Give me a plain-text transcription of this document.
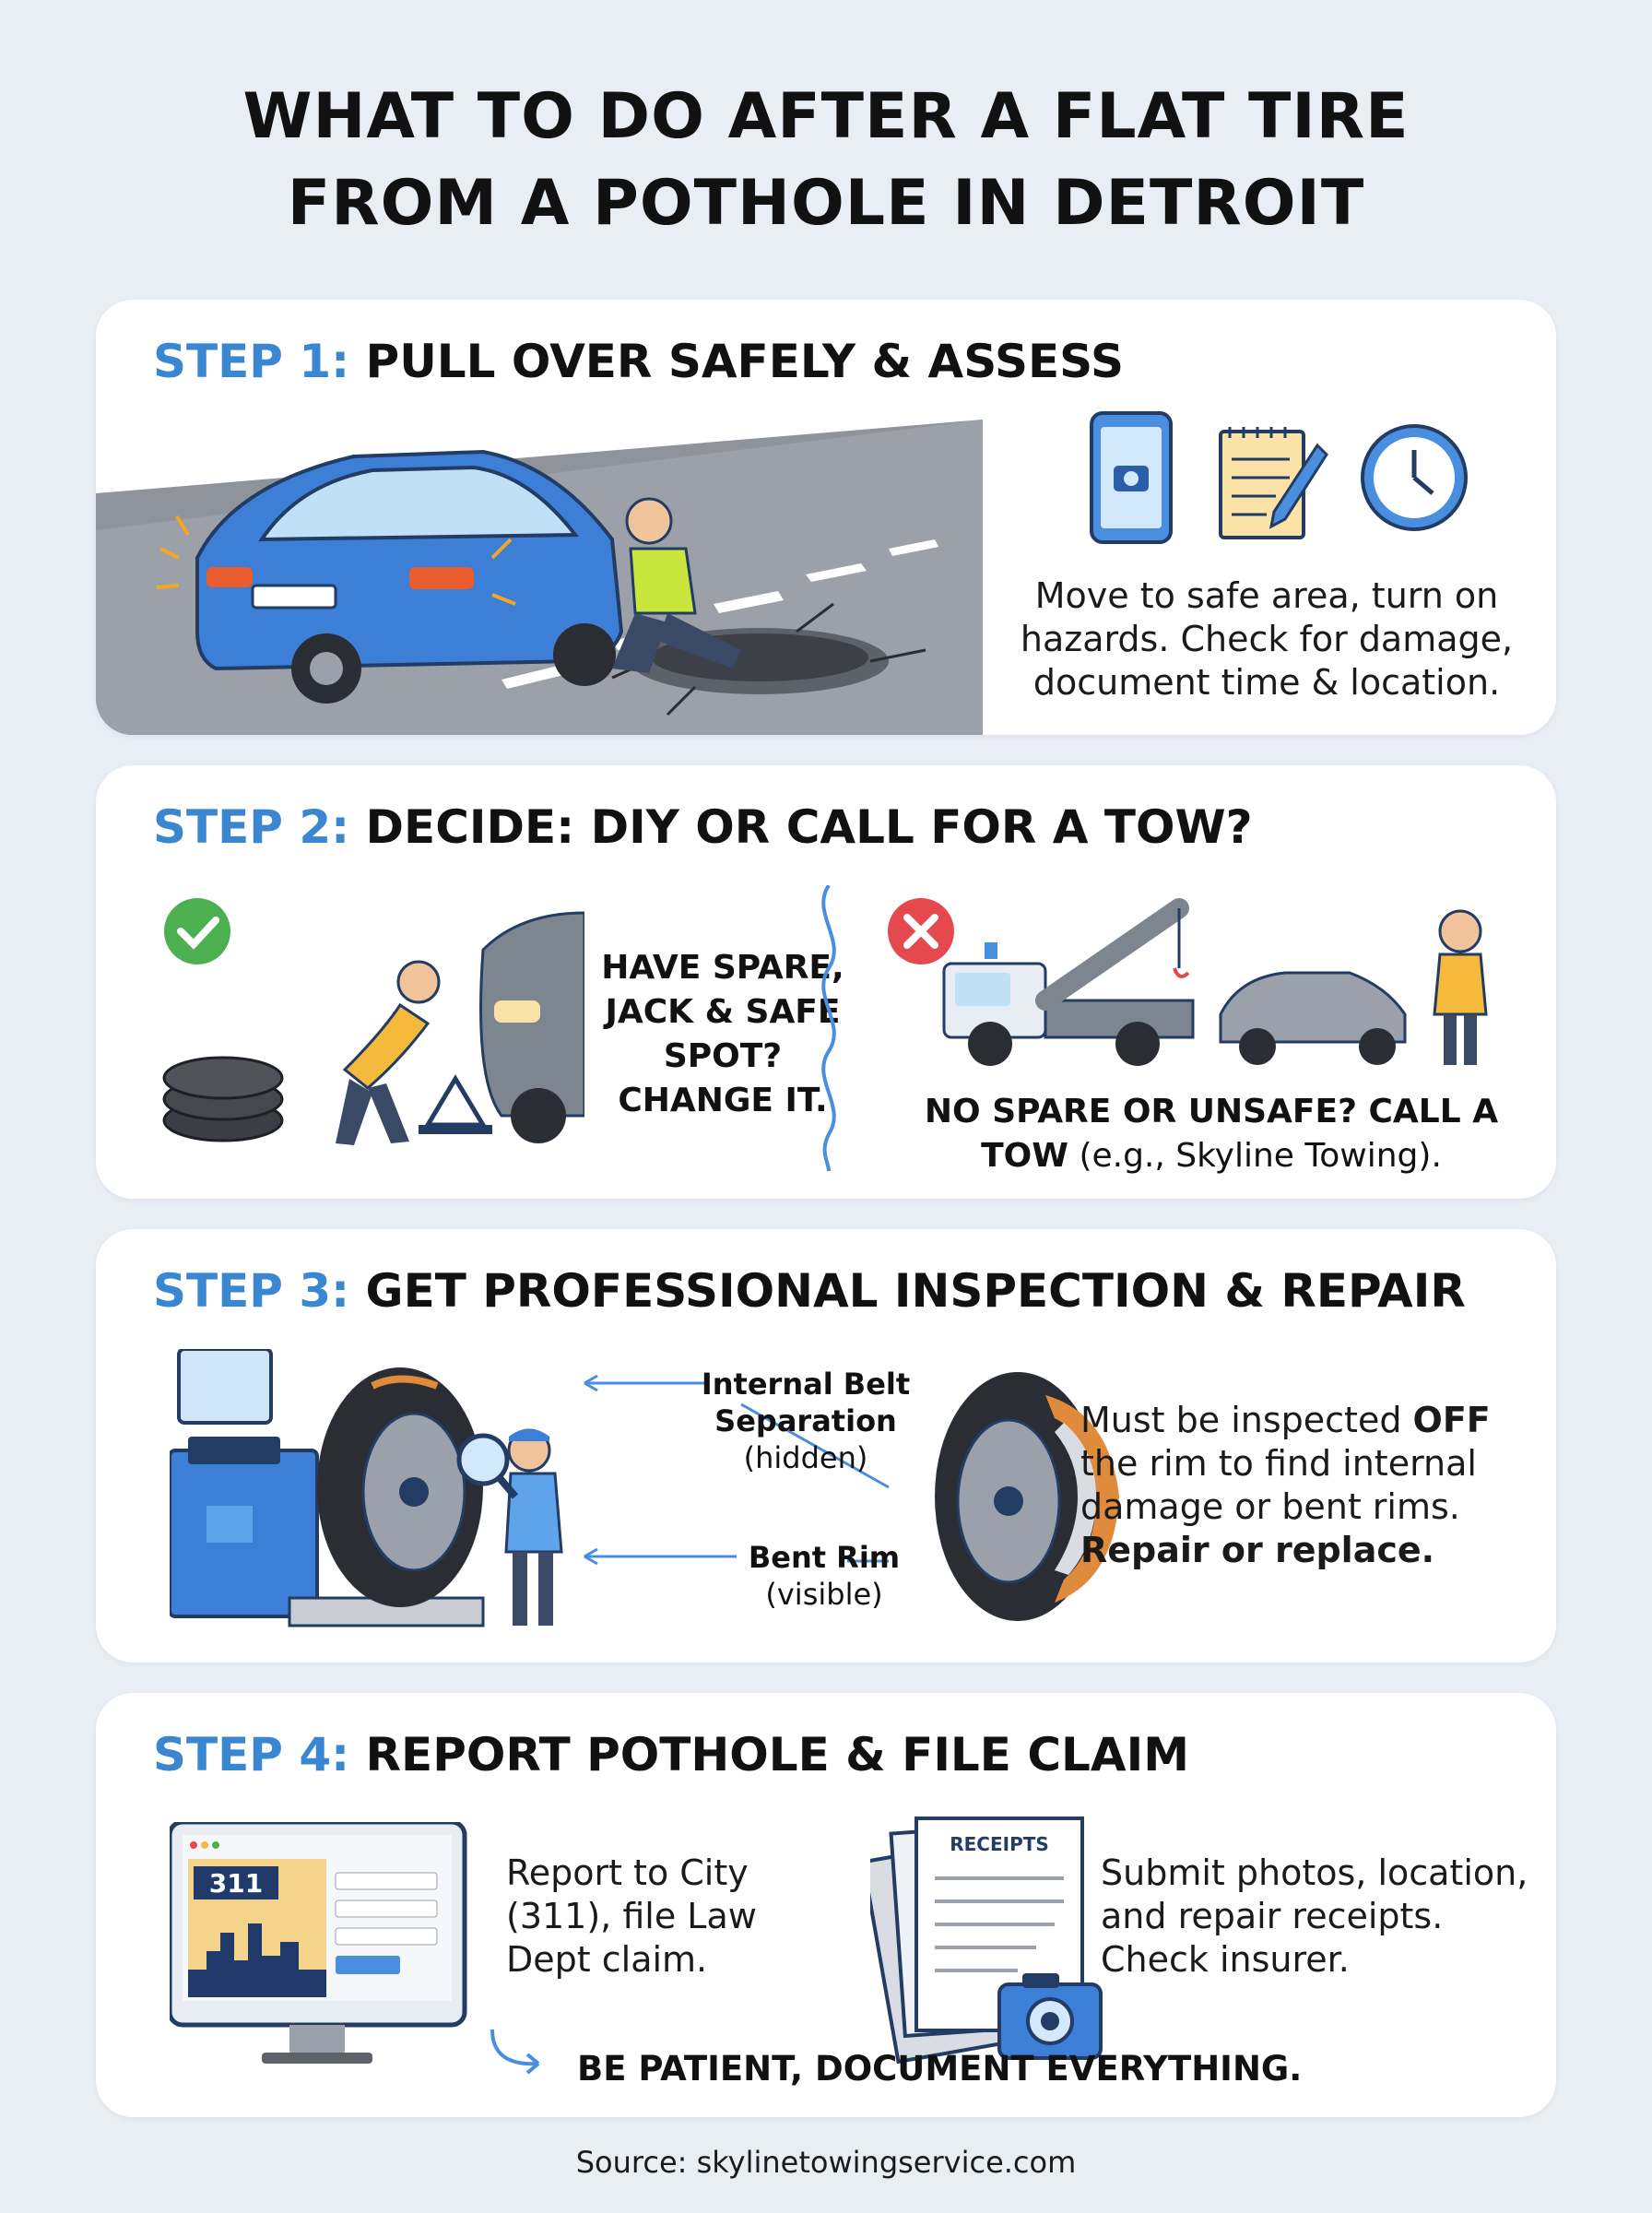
WHAT TO DO AFTER A FLAT TIRE
FROM A POTHOLE IN DETROIT
STEP 1: PULL OVER SAFELY & ASSESS
Move to safe area, turn on hazards. Check for damage, document time & location.
STEP 2: DECIDE: DIY OR CALL FOR A TOW?
HAVE SPARE, JACK & SAFE SPOT? CHANGE IT.	NO SPARE OR UNSAFE? CALL A TOW (e.g., Skyline Towing).
STEP 3: GET PROFESSIONAL INSPECTION & REPAIR
Internal Belt Separation
(hidden)
Bent Rim
(visible)
Must be inspected OFF the rim to find internal damage or bent rims. Repair or replace.
STEP 4: REPORT POTHOLE & FILE CLAIM
311	Report to City (311), file Law Dept claim.
RECEIPTS
Submit photos, location, and repair receipts. Check insurer.
BE PATIENT, DOCUMENT EVERYTHING.
Source: skylinetowingservice.com
